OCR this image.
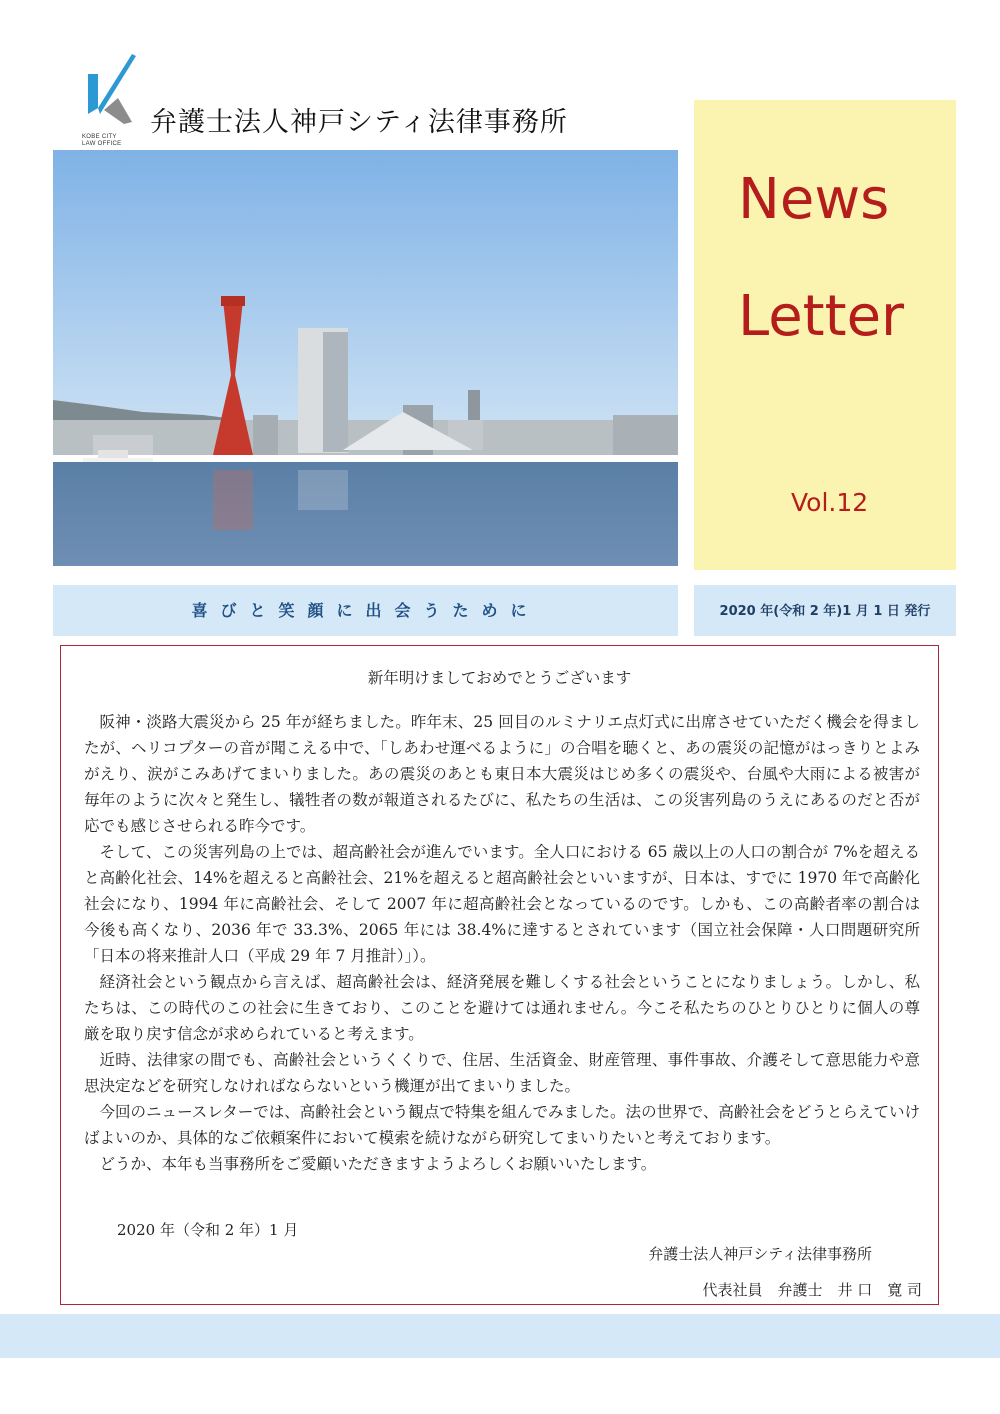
KOBE CITY
LAW OFFICE
弁護士法人神戸シティ法律事務所
News
Letter
Vol.12
喜びと笑顔に出会うために	2020 年(令和 2 年)1 月 1 日 発行
新年明けましておめでとうございます

阪神・淡路大震災から 25 年が経ちました。昨年末、25 回目のルミナリエ点灯式に出席させていただく機会を得ましたが、ヘリコプターの音が聞こえる中で、「しあわせ運べるように」の合唱を聴くと、あの震災の記憶がはっきりとよみがえり、涙がこみあげてまいりました。あの震災のあとも東日本大震災はじめ多くの震災や、台風や大雨による被害が毎年のように次々と発生し、犠牲者の数が報道されるたびに、私たちの生活は、この災害列島のうえにあるのだと否が応でも感じさせられる昨今です。

そして、この災害列島の上では、超高齢社会が進んでいます。全人口における 65 歳以上の人口の割合が 7%を超えると高齢化社会、14%を超えると高齢社会、21%を超えると超高齢社会といいますが、日本は、すでに 1970 年で高齢化社会になり、1994 年に高齢社会、そして 2007 年に超高齢社会となっているのです。しかも、この高齢者率の割合は今後も高くなり、2036 年で 33.3%、2065 年には 38.4%に達するとされています（国立社会保障・人口問題研究所「日本の将来推計人口（平成 29 年 7 月推計）」）。

経済社会という観点から言えば、超高齢社会は、経済発展を難しくする社会ということになりましょう。しかし、私たちは、この時代のこの社会に生きており、このことを避けては通れません。今こそ私たちのひとりひとりに個人の尊厳を取り戻す信念が求められていると考えます。

近時、法律家の間でも、高齢社会というくくりで、住居、生活資金、財産管理、事件事故、介護そして意思能力や意思決定などを研究しなければならないという機運が出てまいりました。

今回のニュースレターでは、高齢社会という観点で特集を組んでみました。法の世界で、高齢社会をどうとらえていけばよいのか、具体的なご依頼案件において模索を続けながら研究してまいりたいと考えております。

どうか、本年も当事務所をご愛顧いただきますようよろしくお願いいたします。

2020 年（令和 2 年）1 月
弁護士法人神戸シティ法律事務所
代表社員　弁護士　井 口　寛 司
